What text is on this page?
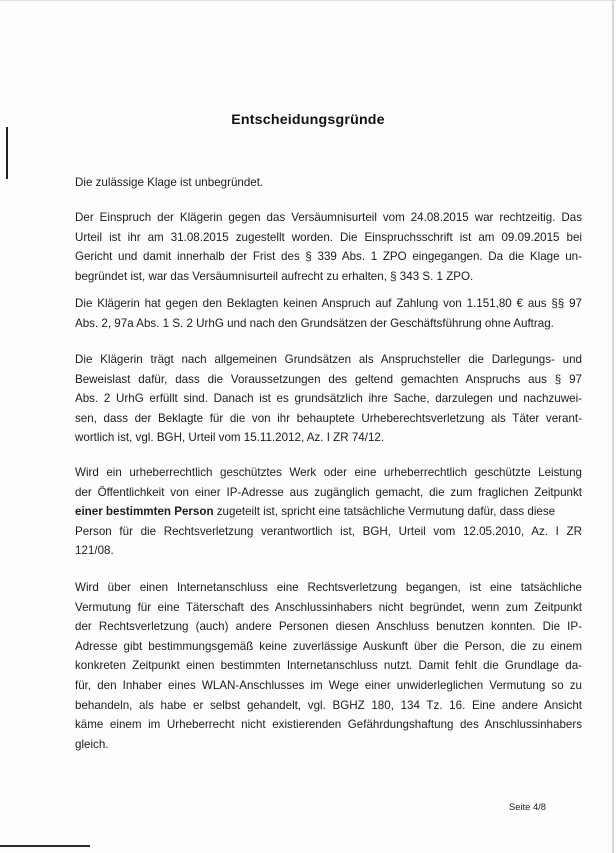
Entscheidungsgründe
Die zulässige Klage ist unbegründet.
Der Einspruch der Klägerin gegen das Versäumnisurteil vom 24.08.2015 war rechtzeitig. Das
Urteil ist ihr am 31.08.2015 zugestellt worden. Die Einspruchsschrift ist am 09.09.2015 bei
Gericht und damit innerhalb der Frist des § 339 Abs. 1 ZPO eingegangen. Da die Klage un-
begründet ist, war das Versäumnisurteil aufrecht zu erhalten, § 343 S. 1 ZPO.
Die Klägerin hat gegen den Beklagten keinen Anspruch auf Zahlung von 1.151,80 € aus §§ 97
Abs. 2, 97a Abs. 1 S. 2 UrhG und nach den Grundsätzen der Geschäftsführung ohne Auftrag.
Die Klägerin trägt nach allgemeinen Grundsätzen als Anspruchsteller die Darlegungs- und
Beweislast dafür, dass die Voraussetzungen des geltend gemachten Anspruchs aus § 97
Abs. 2 UrhG erfüllt sind. Danach ist es grundsätzlich ihre Sache, darzulegen und nachzuwei-
sen, dass der Beklagte für die von ihr behauptete Urheberechtsverletzung als Täter verant-
wortlich ist, vgl. BGH, Urteil vom 15.11.2012, Az. I ZR 74/12.
Wird ein urheberrechtlich geschütztes Werk oder eine urheberrechtlich geschützte Leistung
der Öffentlichkeit von einer IP-Adresse aus zugänglich gemacht, die zum fraglichen Zeitpunkt
einer bestimmten Person zugeteilt ist, spricht eine tatsächliche Vermutung dafür, dass diese
Person für die Rechtsverletzung verantwortlich ist, BGH, Urteil vom 12.05.2010, Az. I ZR
121/08.
Wird über einen Internetanschluss eine Rechtsverletzung begangen, ist eine tatsächliche
Vermutung für eine Täterschaft des Anschlussinhabers nicht begründet, wenn zum Zeitpunkt
der Rechtsverletzung (auch) andere Personen diesen Anschluss benutzen konnten. Die IP-
Adresse gibt bestimmungsgemäß keine zuverlässige Auskunft über die Person, die zu einem
konkreten Zeitpunkt einen bestimmten Internetanschluss nutzt. Damit fehlt die Grundlage da-
für, den Inhaber eines WLAN-Anschlusses im Wege einer unwiderleglichen Vermutung so zu
behandeln, als habe er selbst gehandelt, vgl. BGHZ 180, 134 Tz. 16. Eine andere Ansicht
käme einem im Urheberrecht nicht existierenden Gefährdungshaftung des Anschlussinhabers
gleich.
Seite 4/8
